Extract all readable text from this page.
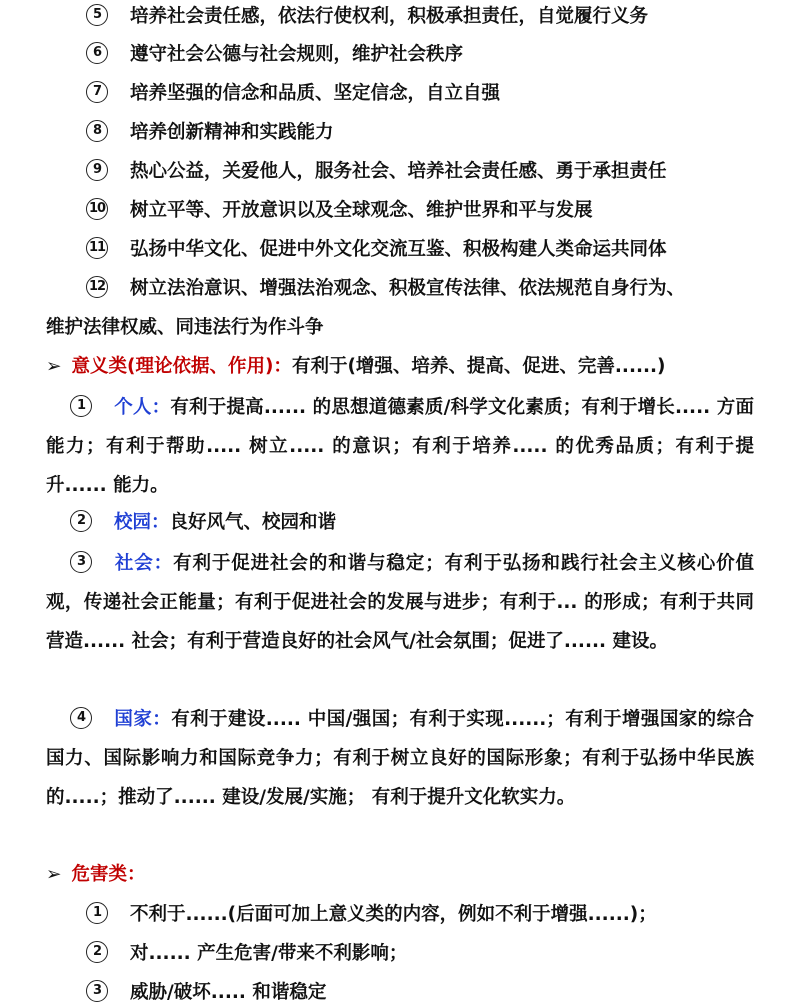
5 培养社会责任感，依法行使权利，积极承担责任，自觉履行义务
6 遵守社会公德与社会规则，维护社会秩序
7 培养坚强的信念和品质、坚定信念，自立自强
8 培养创新精神和实践能力
9 热心公益，关爱他人，服务社会、培养社会责任感、勇于承担责任
10 树立平等、开放意识以及全球观念、维护世界和平与发展
11 弘扬中华文化、促进中外文化交流互鉴、积极构建人类命运共同体
12 树立法治意识、增强法治观念、积极宣传法律、依法规范自身行为、
维护法律权威、同违法行为作斗争
➢ 意义类(理论依据、作用)：有利于(增强、培养、提高、促进、完善......)
1 个人：有利于提高...... 的思想道德素质/科学文化素质；有利于增长..... 方面能力；有利于帮助..... 树立..... 的意识；有利于培养..... 的优秀品质；有利于提升...... 能力。
2 校园：良好风气、校园和谐
3 社会：有利于促进社会的和谐与稳定；有利于弘扬和践行社会主义核心价值观，传递社会正能量；有利于促进社会的发展与进步；有利于... 的形成；有利于共同营造...... 社会；有利于营造良好的社会风气/社会氛围；促进了...... 建设。
4 国家：有利于建设..... 中国/强国；有利于实现......；有利于增强国家的综合国力、国际影响力和国际竞争力；有利于树立良好的国际形象；有利于弘扬中华民族的.....；推动了...... 建设/发展/实施； 有利于提升文化软实力。
➢ 危害类：
1 不利于......(后面可加上意义类的内容，例如不利于增强......)；
2 对...... 产生危害/带来不利影响；
3 威胁/破坏..... 和谐稳定
